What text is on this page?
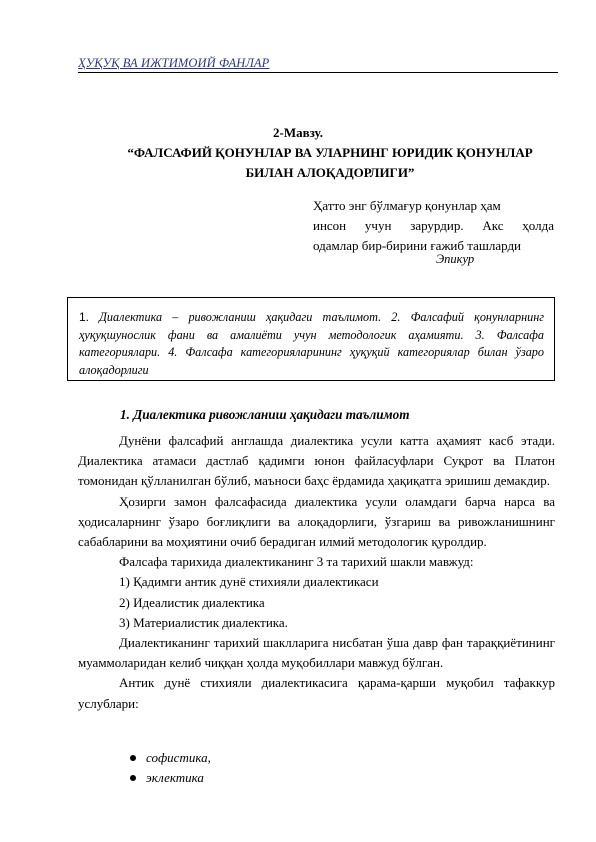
ҲУҚУҚ ВА ИЖТИМОИЙ ФАНЛАР
2-Мавзу.
“ФАЛСАФИЙ ҚОНУНЛАР ВА УЛАРНИНГ ЮРИДИК ҚОНУНЛАР
БИЛАН АЛОҚАДОРЛИГИ”
Ҳатто энг бўлмағур қонунлар ҳам
инсон учун зарурдир. Акс ҳолда
одамлар бир-бирини ғажиб ташларди
Эпикур
1. Диалектика – ривожланиш ҳақидаги таълимот. 2. Фалсафий қонунларнинг ҳуқуқшунослик фани ва амалиёти учун методологик аҳамияти. 3. Фалсафа категориялари. 4. Фалсафа категорияларининг ҳуқуқий категориялар билан ўзаро алоқадорлиги
1. Диалектика ривожланиш ҳақидаги таълимот

Дунёни фалсафий англашда диалектика усули катта аҳамият касб этади. Диалектика атамаси дастлаб қадимги юнон файласуфлари Суқрот ва Платон томонидан қўлланилган бўлиб, маъноси баҳс ёрдамида ҳақиқатга эришиш демакдир.

Ҳозирги замон фалсафасида диалектика усули оламдаги барча нарса ва ҳодисаларнинг ўзаро боғлиқлиги ва алоқадорлиги, ўзгариш ва ривожланишнинг сабабларини ва моҳиятини очиб берадиган илмий методологик қуролдир.

Фалсафа тарихида диалектиканинг 3 та тарихий шакли мавжуд:

1) Қадимги антик дунё стихияли диалектикаси

2) Идеалистик диалектика

3) Материалистик диалектика.

Диалектиканинг тарихий шаклларига нисбатан ўша давр фан тараққиётининг муаммоларидан келиб чиққан ҳолда муқобиллари мавжуд бўлган.

Антик дунё стихияли диалектикасига қарама-қарши муқобил тафаккур услублари:

софистика,
эклектика
